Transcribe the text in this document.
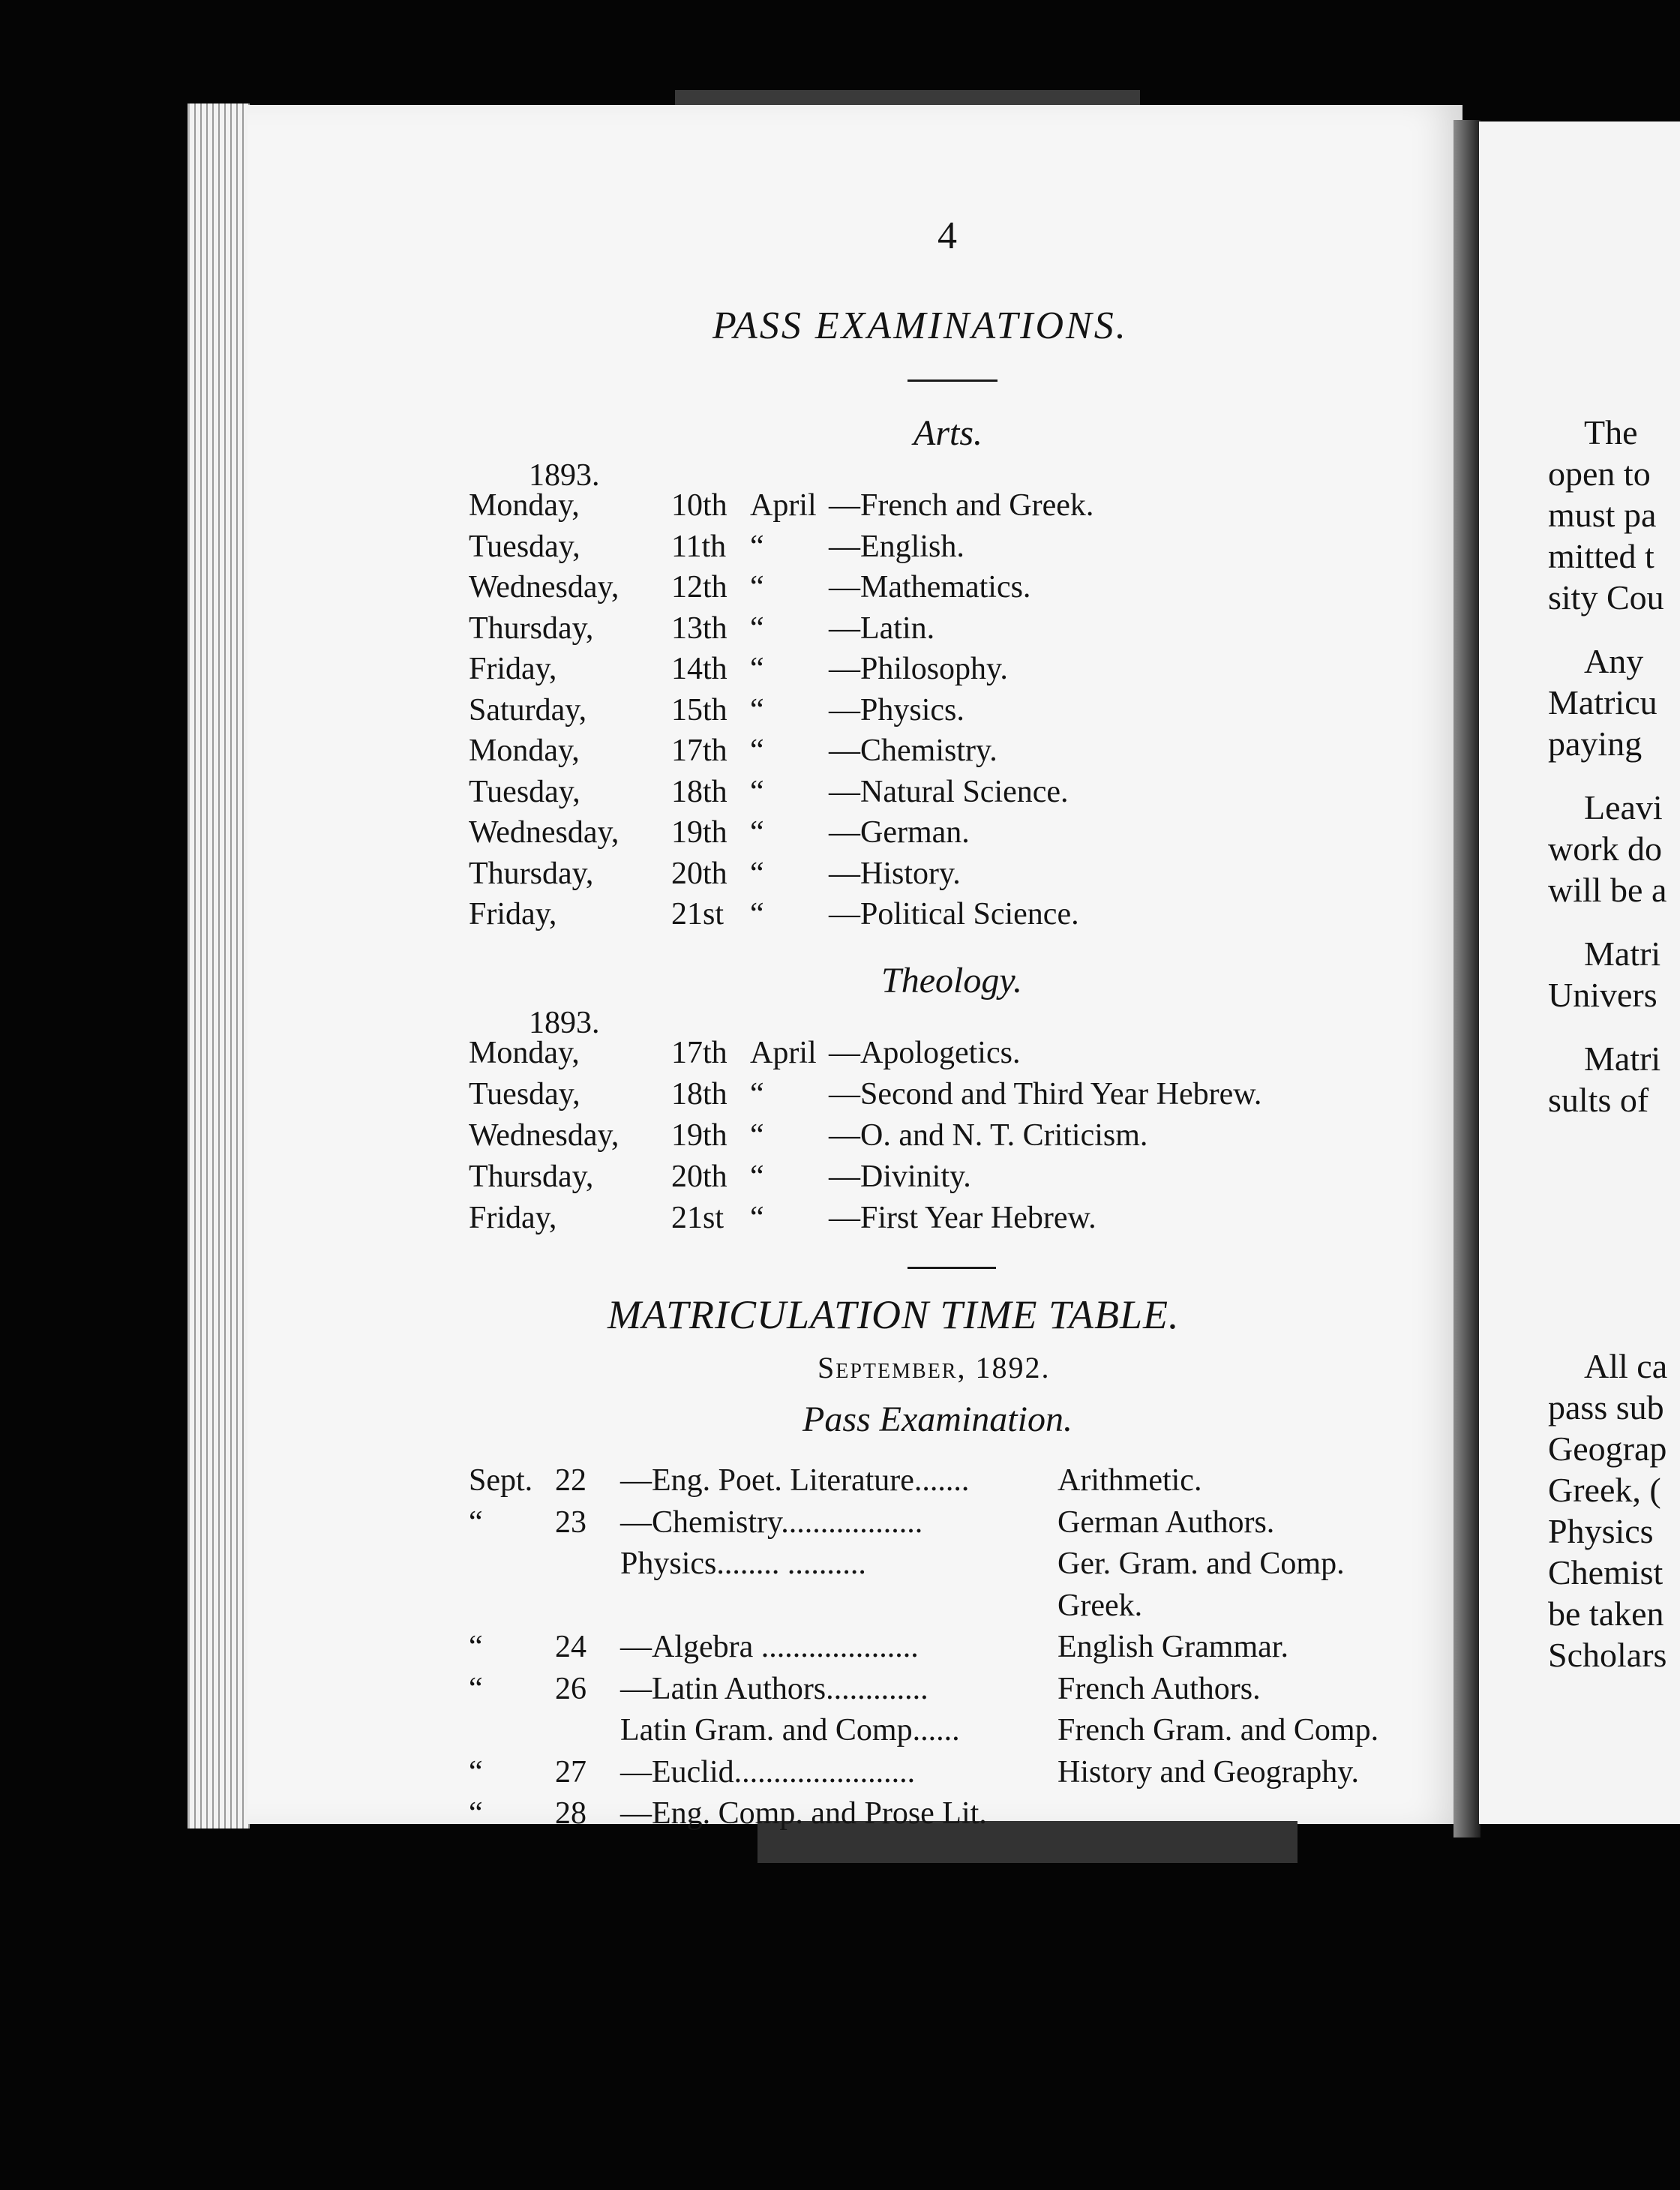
The
open to
must pa
mitted t
sity Cou
Any
Matricu
paying
Leavi
work do
will be a
Matri
Univers
Matri
sults of
All ca
pass sub
Geograp
Greek, (
Physics
Chemist
be taken
Scholars
4
PASS EXAMINATIONS.
Arts.
1893.
Monday,	10th April —French and Greek.
Tuesday,	11th “ —English.
Wednesday, 12th “ —Mathematics.
Thursday, 13th “ —Latin.
Friday,	14th “ —Philosophy.
Saturday,	15th “ —Physics.
Monday,	17th “ —Chemistry.
Tuesday,	18th “ —Natural Science.
Wednesday, 19th “ —German.
Thursday, 20th “ —History.
Friday,	21st “ —Political Science.
Theology.
1893.
Monday,	17th April —Apologetics.
Tuesday,	18th “ —Second and Third Year Hebrew.
Wednesday, 19th “ —O. and N. T. Criticism.
Thursday, 20th “ —Divinity.
Friday,	21st “ —First Year Hebrew.
MATRICULATION TIME TABLE.
September, 1892.
Pass Examination.
Sept. 22 —Eng. Poet. Literature.......	Arithmetic.
“ 23 —Chemistry..................	German Authors.
Physics........ ..........	Ger. Gram. and Comp.
Greek.
“ 24 —Algebra ....................	English Grammar.
“ 26 —Latin Authors.............	French Authors.
Latin Gram. and Comp......	French Gram. and Comp.
“ 27 —Euclid.......................	History and Geography.
“ 28 —Eng. Comp. and Prose Lit.
